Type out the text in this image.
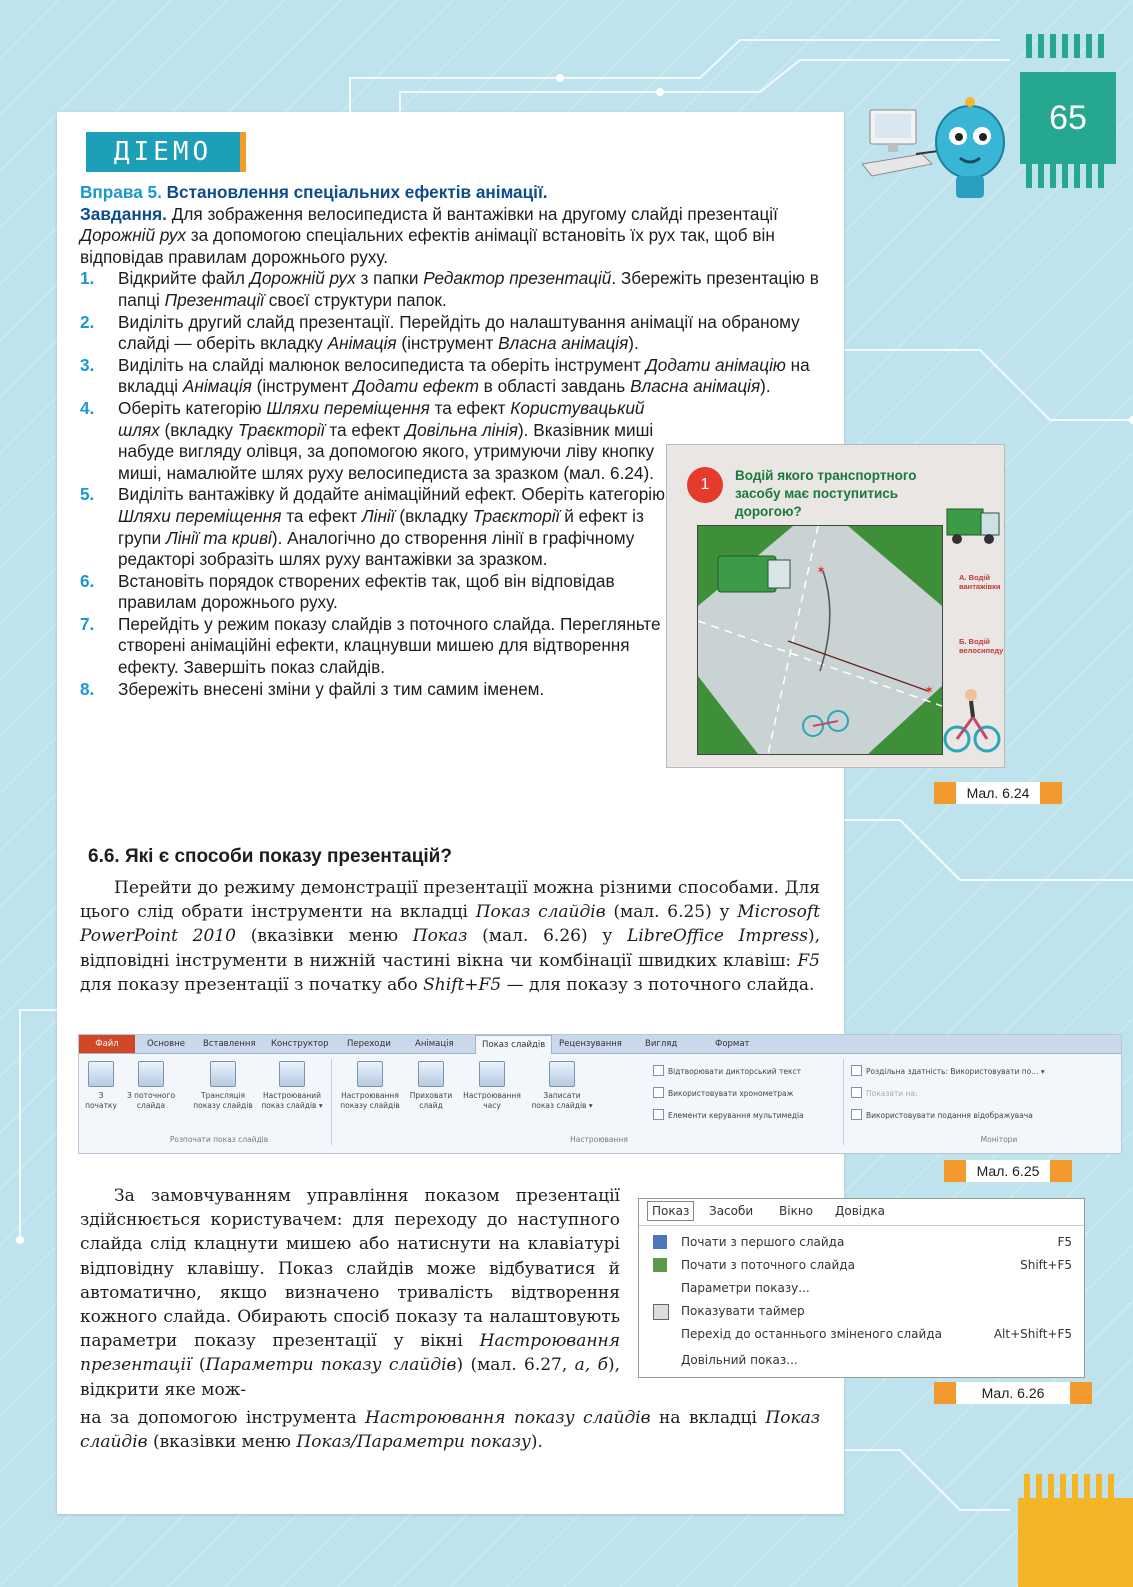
65
ДІЕМО
Вправа 5. Встановлення спеціальних ефектів анімації.
Завдання. Для зображення велосипедиста й вантажівки на другому слайді презентації Дорожній рух за допомогою спеціальних ефектів анімації встановіть їх рух так, щоб він відповідав правилам дорожнього руху.
1. Відкрийте файл Дорожній рух з папки Редактор презентацій. Збережіть презентацію в папці Презентації своєї структури папок.
2. Виділіть другий слайд презентації. Перейдіть до налаштування анімації на обраному слайді — оберіть вкладку Анімація (інструмент Власна анімація).
3. Виділіть на слайді малюнок велосипедиста та оберіть інструмент Додати анімацію на вкладці Анімація (інструмент Додати ефект в області завдань Власна анімація).
4. Оберіть категорію Шляхи переміщення та ефект Користувацький шлях (вкладку Траєкторії та ефект Довільна лінія). Вказівник миші набуде вигляду олівця, за допомогою якого, утримуючи ліву кнопку миші, намалюйте шлях руху велосипедиста за зразком (мал. 6.24).
5. Виділіть вантажівку й додайте анімаційний ефект. Оберіть категорію Шляхи переміщення та ефект Лінії (вкладку Траєкторії й ефект із групи Лінії та криві). Аналогічно до створення лінії в графічному редакторі зобразіть шлях руху вантажівки за зразком.
6. Встановіть порядок створених ефектів так, щоб він відповідав правилам дорожнього руху.
7. Перейдіть у режим показу слайдів з поточного слайда. Перегляньте створені анімаційні ефекти, клацнувши мишею для відтворення ефекту. Завершіть показ слайдів.
8. Збережіть внесені зміни у файлі з тим самим іменем.
1
Водій якого транспортного засобу має поступитись дорогою?
✶
✶
А. Водій вантажівки
Б. Водій велосипеду
Мал. 6.24
6.6. Які є способи показу презентацій?
Перейти до режиму демонстрації презентації можна різними способами. Для цього слід обрати інструменти на вкладці Показ слайдів (мал. 6.25) у Microsoft PowerPoint 2010 (вказівки меню Показ (мал. 6.26) у LibreOffice Impress), відповідні інструменти в нижній частині вікна чи комбінації швидких клавіш: F5 для показу презентації з початку або Shift+F5 — для показу з поточного слайда.
Файл	Основне	Вставлення	Конструктор	Переходи	Анімація	Показ слайдів	Рецензування	Вигляд	Формат
З
початку
З поточного
слайда
Трансляція
показу слайдів
Настроюваний
показ слайдів ▾
Настроювання
показу слайдів
Приховати
слайд
Настроювання
часу
Записати
показ слайдів ▾
Відтворювати дикторський текст
Використовувати хронометраж
Елементи керування мультимедіа
Роздільна здатність: Використовувати по... ▾
Показати на:
Використовувати подання відображувача
Розпочати показ слайдів	Настроювання	Монітори
Мал. 6.25
За замовчуванням управління показом презентації здійснюється користувачем: для переходу до наступного слайда слід клацнути мишею або натиснути на клавіатурі відповідну клавішу. Показ слайдів може відбуватися й автоматично, якщо визначено тривалість відтворення кожного слайда. Обирають спосіб показу та налаштовують параметри показу презентації у вікні Настроювання презентації (Параметри показу слайдів) (мал. 6.27, а, б), відкрити яке мож-
Показ	Засоби Вікно Довідка
Почати з першого слайда	F5
Почати з поточного слайда	Shift+F5
Параметри показу...
Показувати таймер
Перехід до останнього зміненого слайда	Alt+Shift+F5
Довільний показ...
Мал. 6.26
на за допомогою інструмента Настроювання показу слайдів на вкладці Показ слайдів (вказівки меню Показ/Параметри показу).
